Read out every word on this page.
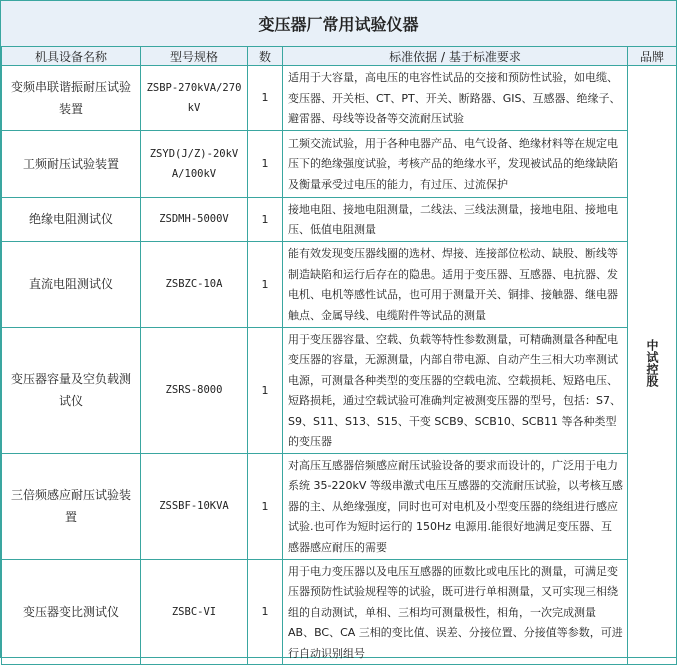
变压器厂常用试验仪器
机具设备名称	型号规格	数	标准依据 / 基于标准要求	品牌
变频串联谐振耐压试验装置	ZSBP-270kVA/270kV	1	适用于大容量，高电压的电容性试品的交接和预防性试验，如电缆、变压器、开关柜、CT、PT、开关、断路器、GIS、互感器、绝缘子、避雷器、母线等设备等交流耐压试验	中试控股
工频耐压试验装置	ZSYD(J/Z)-20kVA/100kV	1	工频交流试验，用于各种电器产品、电气设备、绝缘材料等在规定电压下的绝缘强度试验，考核产品的绝缘水平，发现被试品的绝缘缺陷及衡量承受过电压的能力，有过压、过流保护	
绝缘电阻测试仪	ZSDMH-5000V	1	接地电阻、接地电阻测量，二线法、三线法测量，接地电阻、接地电压、低值电阻测量	
直流电阻测试仪	ZSBZC-10A	1	能有效发现变压器线圈的选材、焊接、连接部位松动、缺股、断线等制造缺陷和运行后存在的隐患。适用于变压器、互感器、电抗器、发电机、电机等感性试品，也可用于测量开关、铜排、接触器、继电器触点、金属导线、电缆附件等试品的测量	
变压器容量及空负载测试仪	ZSRS-8000	1	用于变压器容量、空载、负载等特性参数测量，可精确测量各种配电变压器的容量，无源测量，内部自带电源、自动产生三相大功率测试电源，可测量各种类型的变压器的空载电流、空载损耗、短路电压、短路损耗，通过空载试验可准确判定被测变压器的型号，包括：S7、S9、S11、S13、S15、干变 SCB9、SCB10、SCB11 等各种类型的变压器	
三倍频感应耐压试验装置	ZSSBF-10KVA	1	对高压互感器倍频感应耐压试验设备的要求而设计的，广泛用于电力系统 35-220kV 等级串激式电压互感器的交流耐压试验，以考核互感器的主、从绝缘强度，同时也可对电机及小型变压器的绕组进行感应试验.也可作为短时运行的 150Hz 电源用.能很好地满足变压器、互感器感应耐压的需要	
变压器变比测试仪	ZSBC-VI	1	用于电力变压器以及电压互感器的匝数比或电压比的测量，可满足变压器预防性试验规程等的试验，既可进行单相测量，又可实现三相绕组的自动测试，单相、三相均可测量极性，相角，一次完成测量 AB、BC、CA 三相的变比值、误差、分接位置、分接值等参数，可进行自动识别组号	
